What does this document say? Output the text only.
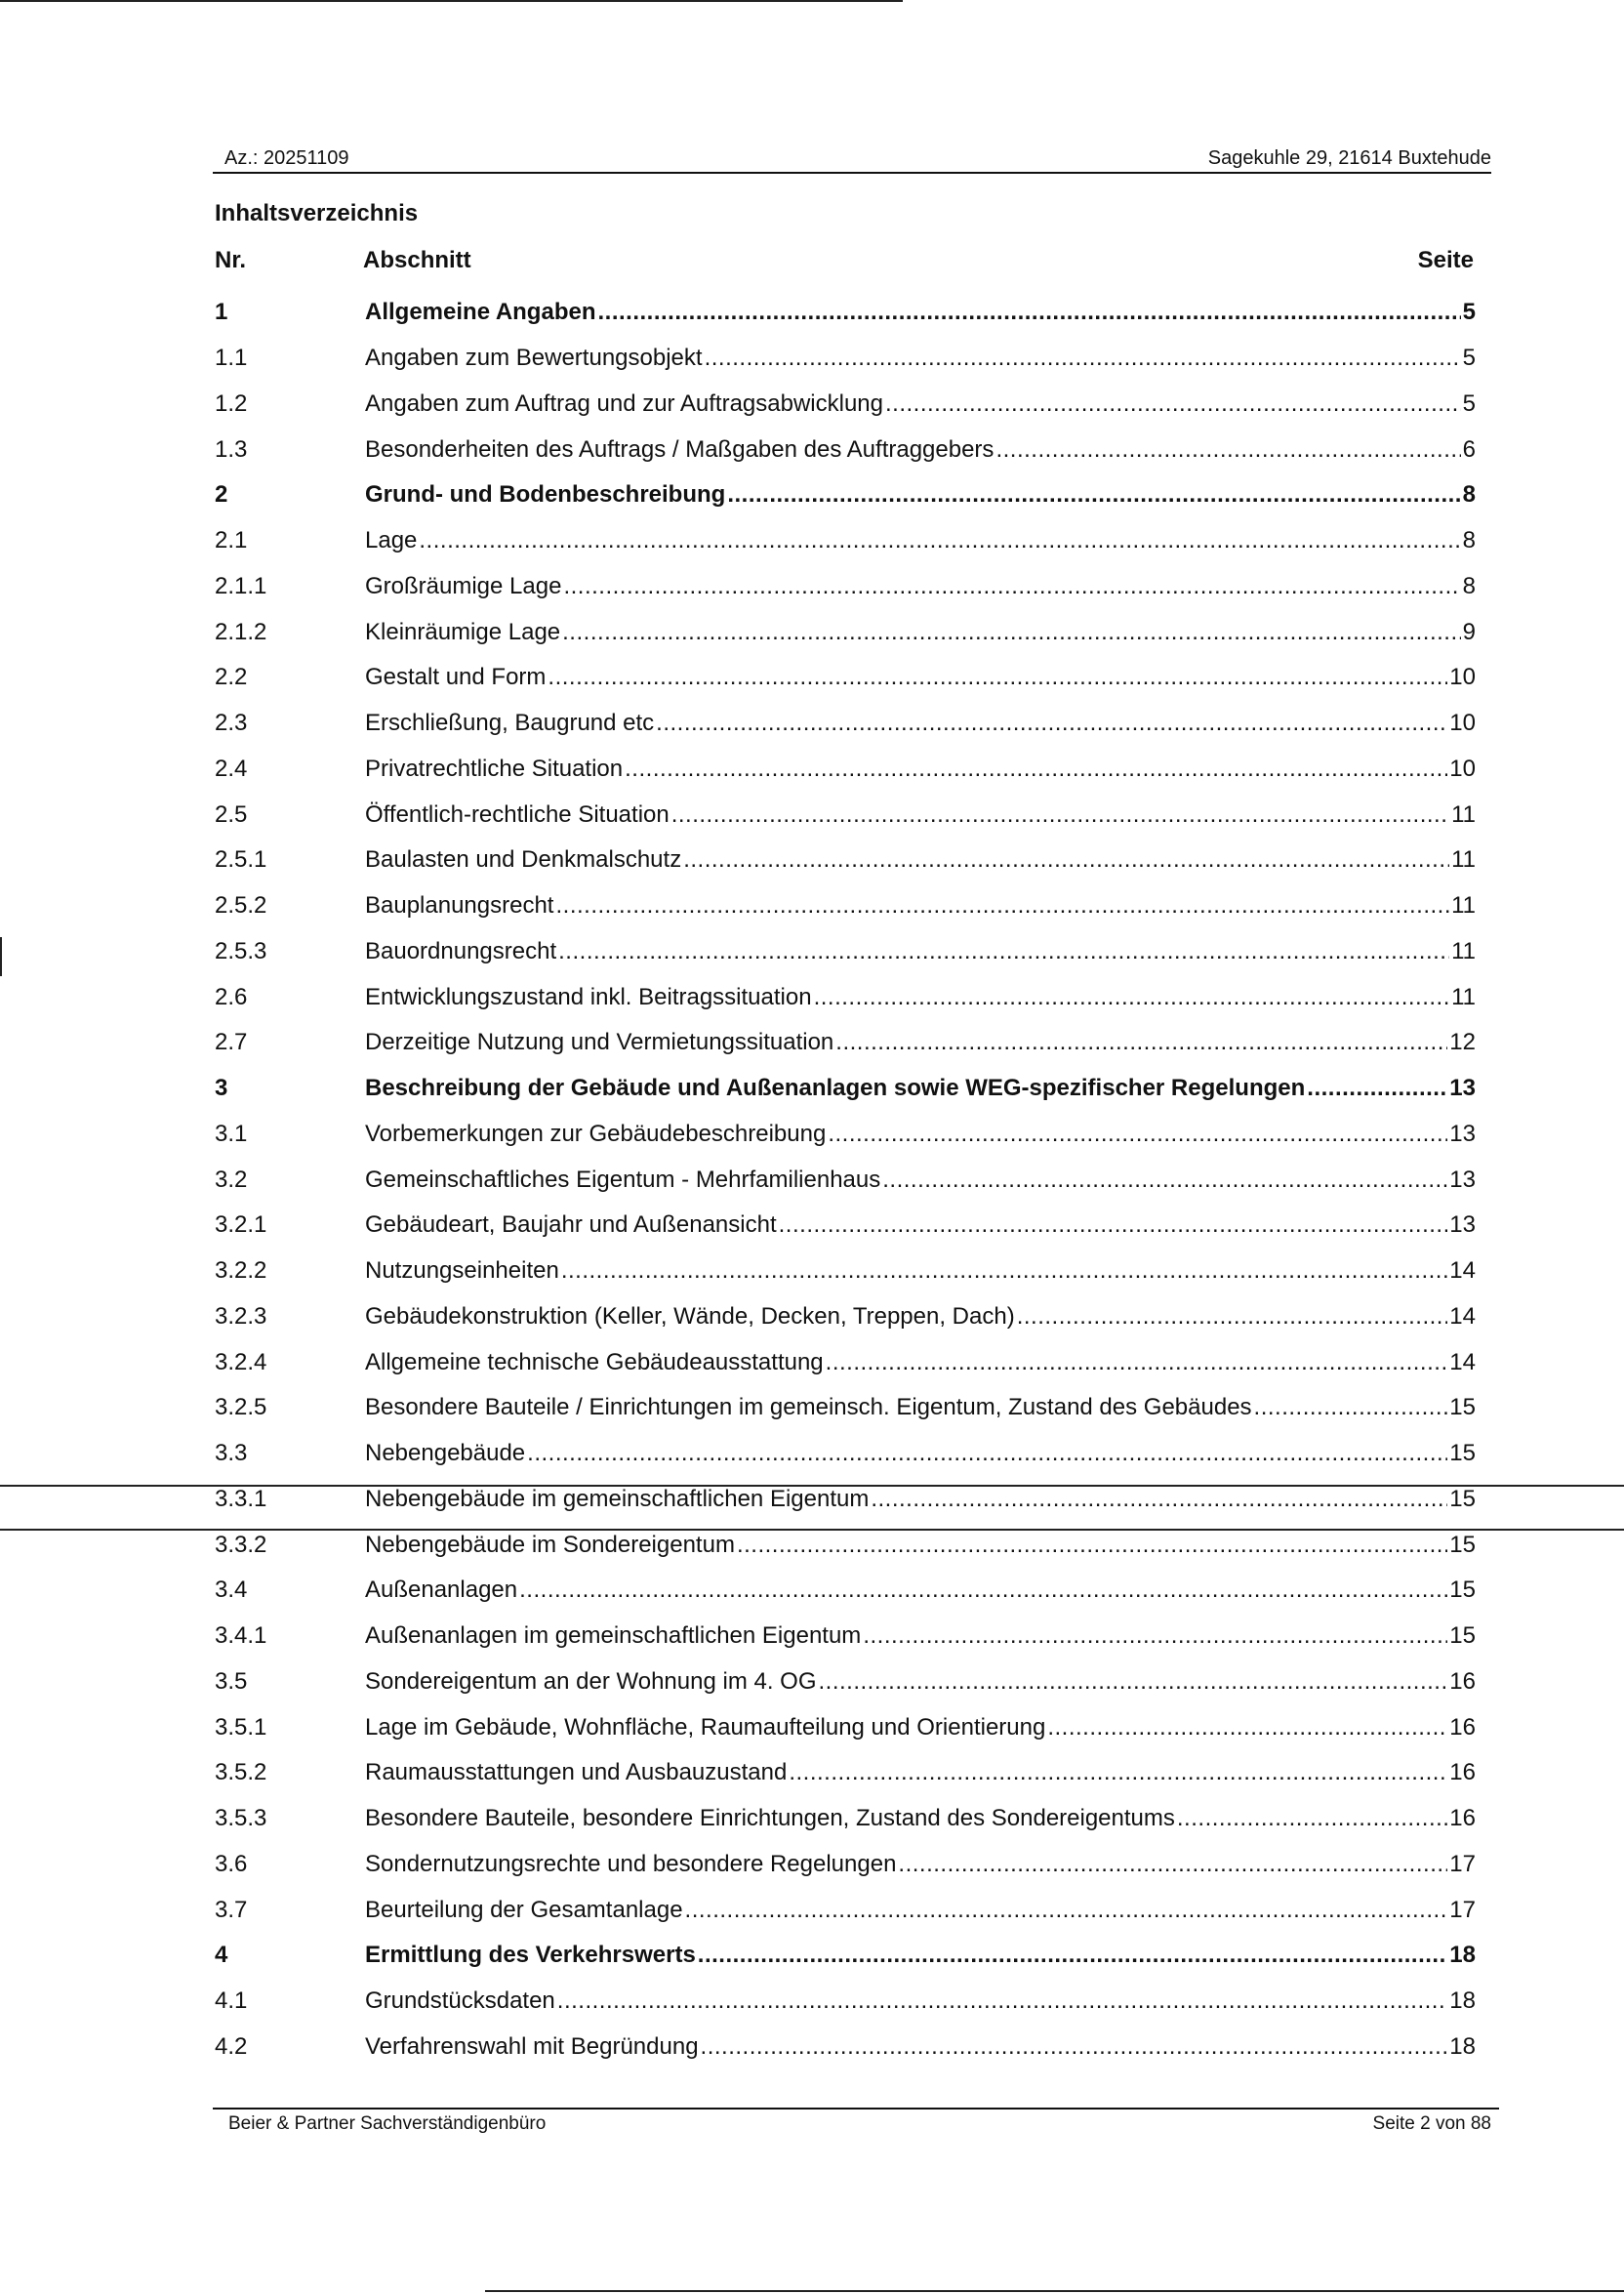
Az.: 20251109	Sagekuhle 29, 21614 Buxtehude
Inhaltsverzeichnis
Nr.	Abschnitt	Seite
1	Allgemeine Angaben .....	5
1.1	Angaben zum Bewertungsobjekt .....	5
1.2	Angaben zum Auftrag und zur Auftragsabwicklung .....	5
1.3	Besonderheiten des Auftrags / Maßgaben des Auftraggebers .....	6
2	Grund- und Bodenbeschreibung .....	8
2.1	Lage .....	8
2.1.1	Großräumige Lage .....	8
2.1.2	Kleinräumige Lage .....	9
2.2	Gestalt und Form .....	10
2.3	Erschließung, Baugrund etc .....	10
2.4	Privatrechtliche Situation .....	10
2.5	Öffentlich-rechtliche Situation .....	11
2.5.1	Baulasten und Denkmalschutz .....	11
2.5.2	Bauplanungsrecht .....	11
2.5.3	Bauordnungsrecht .....	11
2.6	Entwicklungszustand inkl. Beitragssituation .....	11
2.7	Derzeitige Nutzung und Vermietungssituation .....	12
3	Beschreibung der Gebäude und Außenanlagen sowie WEG-spezifischer Regelungen .....	13
3.1	Vorbemerkungen zur Gebäudebeschreibung .....	13
3.2	Gemeinschaftliches Eigentum - Mehrfamilienhaus .....	13
3.2.1	Gebäudeart, Baujahr und Außenansicht .....	13
3.2.2	Nutzungseinheiten .....	14
3.2.3	Gebäudekonstruktion (Keller, Wände, Decken, Treppen, Dach) .....	14
3.2.4	Allgemeine technische Gebäudeausstattung .....	14
3.2.5	Besondere Bauteile / Einrichtungen im gemeinsch. Eigentum, Zustand des Gebäudes .....	15
3.3	Nebengebäude .....	15
3.3.1	Nebengebäude im gemeinschaftlichen Eigentum .....	15
3.3.2	Nebengebäude im Sondereigentum .....	15
3.4	Außenanlagen .....	15
3.4.1	Außenanlagen im gemeinschaftlichen Eigentum .....	15
3.5	Sondereigentum an der Wohnung im 4. OG .....	16
3.5.1	Lage im Gebäude, Wohnfläche, Raumaufteilung und Orientierung .....	16
3.5.2	Raumausstattungen und Ausbauzustand .....	16
3.5.3	Besondere Bauteile, besondere Einrichtungen, Zustand des Sondereigentums .....	16
3.6	Sondernutzungsrechte und besondere Regelungen .....	17
3.7	Beurteilung der Gesamtanlage .....	17
4	Ermittlung des Verkehrswerts .....	18
4.1	Grundstücksdaten .....	18
4.2	Verfahrenswahl mit Begründung .....	18
Beier & Partner Sachverständigenbüro	Seite 2 von 88
